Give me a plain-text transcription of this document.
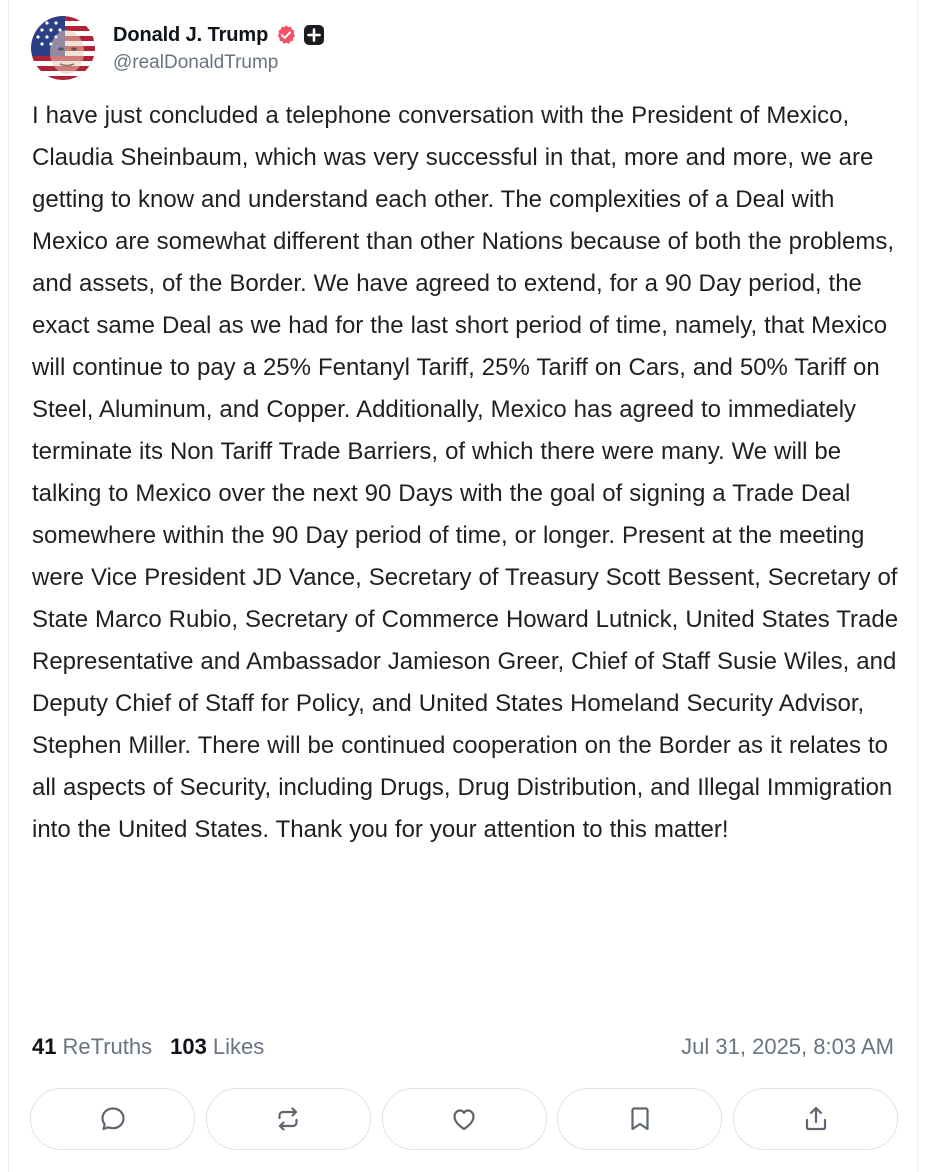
Donald J. Trump
@realDonaldTrump

I have just concluded a telephone conversation with the President of Mexico, Claudia Sheinbaum, which was very successful in that, more and more, we are getting to know and understand each other. The complexities of a Deal with Mexico are somewhat different than other Nations because of both the problems, and assets, of the Border. We have agreed to extend, for a 90 Day period, the exact same Deal as we had for the last short period of time, namely, that Mexico will continue to pay a 25% Fentanyl Tariff, 25% Tariff on Cars, and 50% Tariff on Steel, Aluminum, and Copper. Additionally, Mexico has agreed to immediately terminate its Non Tariff Trade Barriers, of which there were many. We will be talking to Mexico over the next 90 Days with the goal of signing a Trade Deal somewhere within the 90 Day period of time, or longer. Present at the meeting were Vice President JD Vance, Secretary of Treasury Scott Bessent, Secretary of State Marco Rubio, Secretary of Commerce Howard Lutnick, United States Trade Representative and Ambassador Jamieson Greer, Chief of Staff Susie Wiles, and Deputy Chief of Staff for Policy, and United States Homeland Security Advisor, Stephen Miller. There will be continued cooperation on the Border as it relates to all aspects of Security, including Drugs, Drug Distribution, and Illegal Immigration into the United States. Thank you for your attention to this matter!

41 ReTruths 103 Likes	Jul 31, 2025, 8:03 AM
